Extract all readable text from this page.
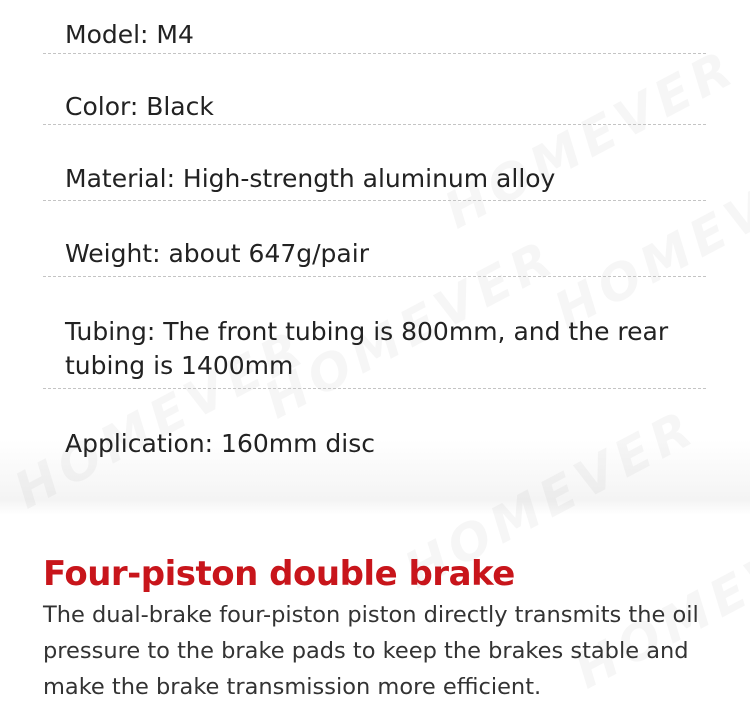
Model: M4
Color: Black
Material: High-strength aluminum alloy
Weight: about 647g/pair
Tubing: The front tubing is 800mm, and the rear tubing is 1400mm
Application: 160mm disc
Four-piston double brake

The dual-brake four-piston piston directly transmits the oil pressure to the brake pads to keep the brakes stable and make the brake transmission more efficient.
